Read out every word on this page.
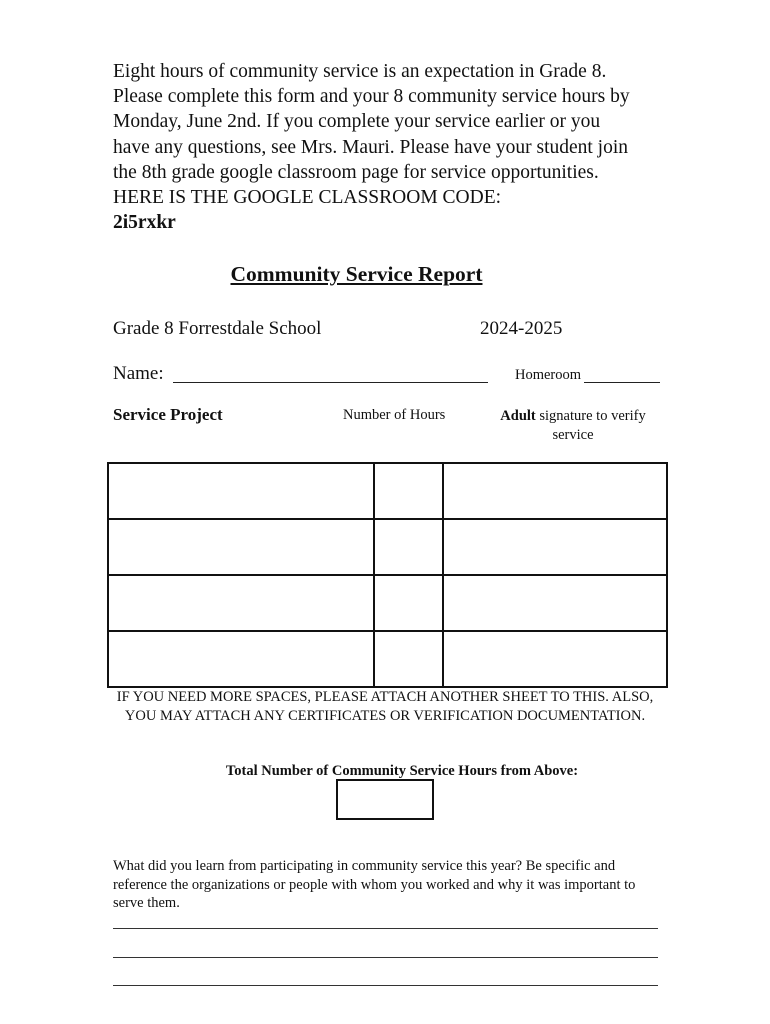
Eight hours of community service is an expectation in Grade 8.
Please complete this form and your 8 community service hours by
Monday, June 2nd. If you complete your service earlier or you
have any questions, see Mrs. Mauri. Please have your student join
the 8th grade google classroom page for service opportunities.
HERE IS THE GOOGLE CLASSROOM CODE:
2i5rxkr
Community Service Report
Grade 8 Forrestdale School	2024-2025
Name:	Homeroom
Service Project	Number of Hours	Adult signature to verify service

IF YOU NEED MORE SPACES, PLEASE ATTACH ANOTHER SHEET TO THIS. ALSO, YOU MAY ATTACH ANY CERTIFICATES OR VERIFICATION DOCUMENTATION.
Total Number of Community Service Hours from Above:
What did you learn from participating in community service this year? Be specific and reference the organizations or people with whom you worked and why it was important to serve them.
